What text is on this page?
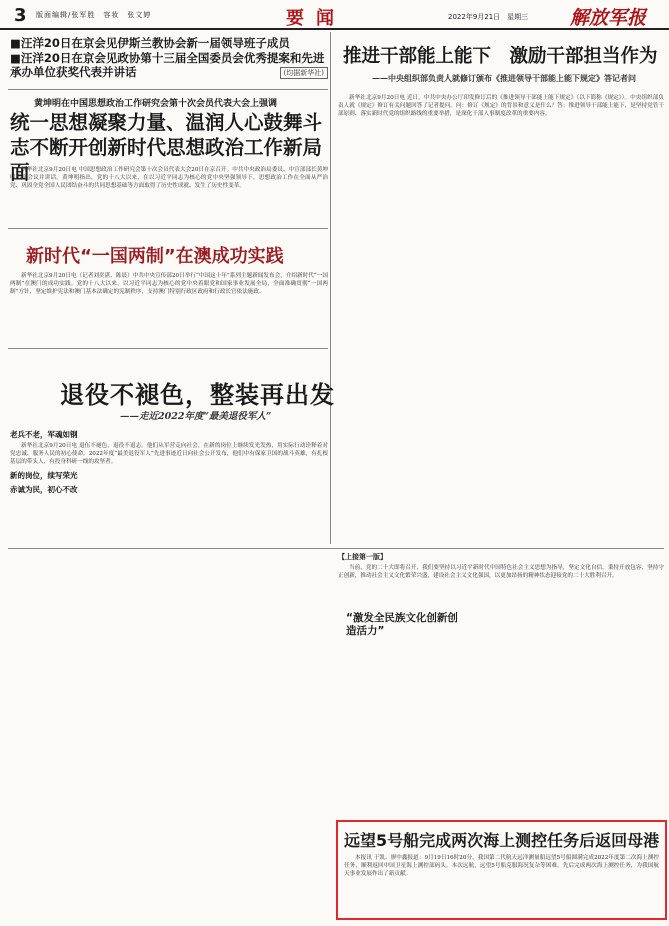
3 版面编辑/张军胜　容妆　张文婷	要闻	2022年9月21日　星期三 解放军报
■汪洋20日在京会见伊斯兰教协会新一届领导班子成员
■汪洋20日在京会见政协第十三届全国委员会优秀提案和先进承办单位获奖代表并讲话	(均据新华社)
黄坤明在中国思想政治工作研究会第十次会员代表大会上强调
统一思想凝聚力量、温润人心鼓舞斗志不断开创新时代思想政治工作新局面

新华社北京9月20日电 中国思想政治工作研究会第十次会员代表大会20日在京召开。中共中央政治局委员、中宣部部长黄坤明出席会议并讲话。黄坤明指出，党的十八大以来，在以习近平同志为核心的党中央坚强领导下，思想政治工作在全面从严治党、巩固全党全国人民团结奋斗的共同思想基础等方面取得了历史性成就、发生了历史性变革。

新时代“一国两制”在澳成功实践

新华社北京9月20日电（记者刘奕湛、陈晨）中共中央宣传部20日举行“中国这十年”系列主题新闻发布会，介绍新时代“一国两制”在澳门的成功实践。党的十八大以来，以习近平同志为核心的党中央着眼党和国家事业发展全局，全面准确贯彻“一国两制”方针，坚定维护宪法和澳门基本法确定的宪制秩序，支持澳门特别行政区政府和行政长官依法施政。

推进干部能上能下　激励干部担当作为
——中央组织部负责人就修订颁布《推进领导干部能上能下规定》答记者问

新华社北京9月20日电 近日，中共中央办公厅印发修订后的《推进领导干部能上能下规定》（以下简称《规定》）。中央组织部负责人就《规定》修订有关问题回答了记者提问。问：修订《规定》的背景和意义是什么？答：推进领导干部能上能下，是坚持党管干部原则、落实新时代党的组织路线的重要举措，是深化干部人事制度改革的重要内容。

退役不褪色，整装再出发
——走近2022年度“最美退役军人”

老兵不老，军魂如钢

新华社北京9月20日电 退伍不褪色，退役不退志。他们从军营走向社会，在新的岗位上继续发光发热，用实际行动诠释着对党忠诚、服务人民的初心使命。2022年度“最美退役军人”先进事迹近日向社会公开发布，他们中有保家卫国的战斗英雄，有扎根基层的带头人，有投身科研一线的攻坚者。

新的岗位，续写荣光

赤诚为民，初心不改

【上接第一版】

当前，党的二十大即将召开，我们要坚持以习近平新时代中国特色社会主义思想为指导，坚定文化自信，秉持开放包容，坚持守正创新，推动社会主义文化繁荣兴盛，建设社会主义文化强国，以更加昂扬的精神状态迎接党的二十大胜利召开。

“激发全民族文化创新创造活力”
远望5号船完成两次海上测控任务后返回母港

本报讯 于凯、廖中鑫报道：9月19日16时20分，我国第二代航天远洋测量船远望5号船圆满完成2022年度第二次海上测控任务，顺利返回中国卫星海上测控部码头。本次远航，远望5号船克服海况复杂等困难，先后完成两次海上测控任务，为我国航天事业发展作出了新贡献。
